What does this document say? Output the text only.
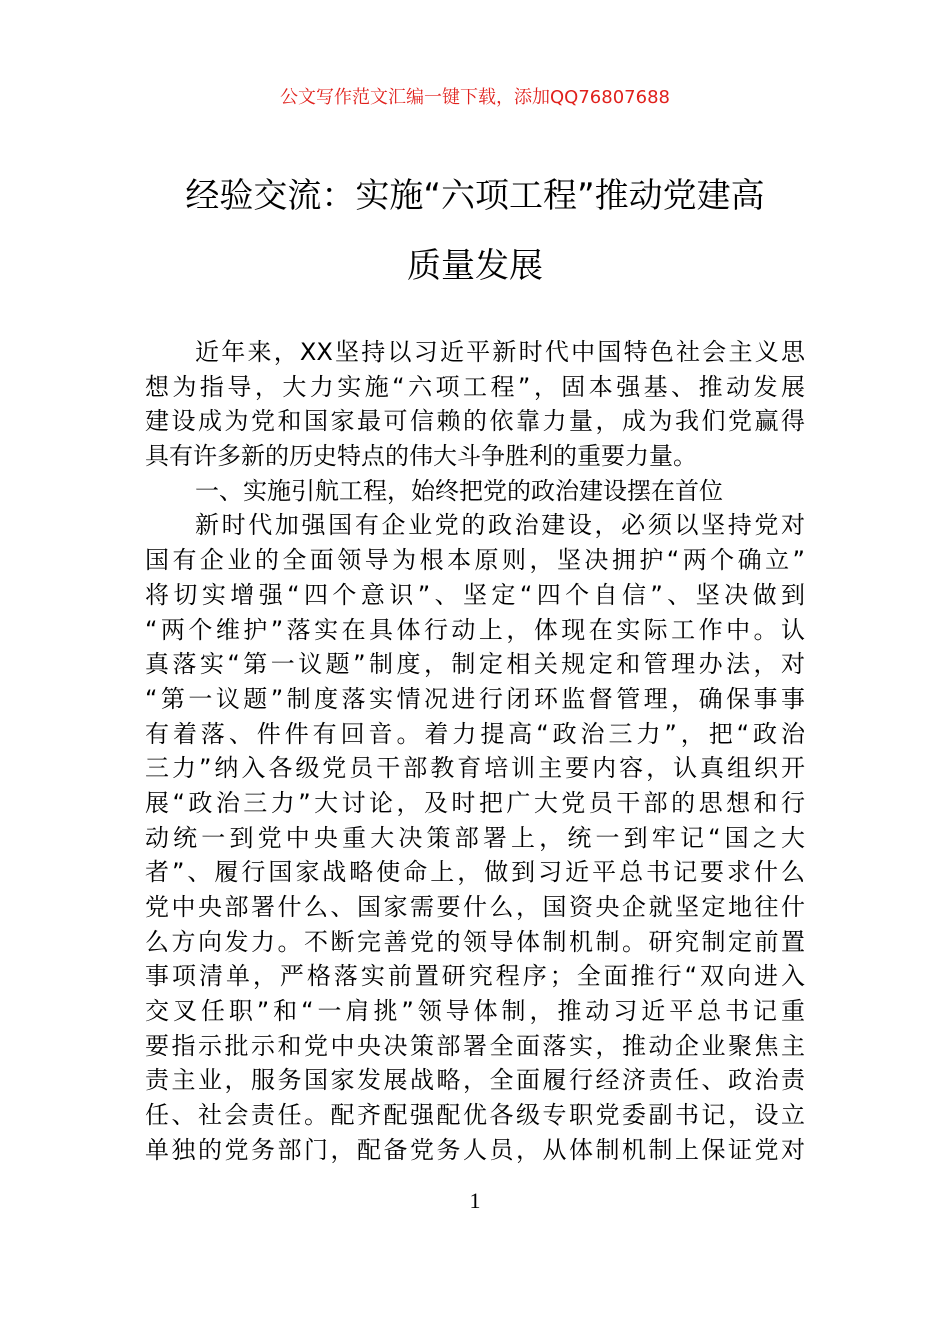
公文写作范文汇编一键下载，添加QQ76807688
经验交流：实施“六项工程”推动党建高
质量发展
近年来，XX坚持以习近平新时代中国特色社会主义思
想为指导，大力实施“六项工程”，固本强基、推动发展
建设成为党和国家最可信赖的依靠力量，成为我们党赢得
具有许多新的历史特点的伟大斗争胜利的重要力量。
一、实施引航工程，始终把党的政治建设摆在首位
新时代加强国有企业党的政治建设，必须以坚持党对
国有企业的全面领导为根本原则，坚决拥护“两个确立”
将切实增强“四个意识”、坚定“四个自信”、坚决做到
“两个维护”落实在具体行动上，体现在实际工作中。认
真落实“第一议题”制度，制定相关规定和管理办法，对
“第一议题”制度落实情况进行闭环监督管理，确保事事
有着落、件件有回音。着力提高“政治三力”，把“政治
三力”纳入各级党员干部教育培训主要内容，认真组织开
展“政治三力”大讨论，及时把广大党员干部的思想和行
动统一到党中央重大决策部署上，统一到牢记“国之大
者”、履行国家战略使命上，做到习近平总书记要求什么
党中央部署什么、国家需要什么，国资央企就坚定地往什
么方向发力。不断完善党的领导体制机制。研究制定前置
事项清单，严格落实前置研究程序；全面推行“双向进入
交叉任职”和“一肩挑”领导体制，推动习近平总书记重
要指示批示和党中央决策部署全面落实，推动企业聚焦主
责主业，服务国家发展战略，全面履行经济责任、政治责
任、社会责任。配齐配强配优各级专职党委副书记，设立
单独的党务部门，配备党务人员，从体制机制上保证党对
1
